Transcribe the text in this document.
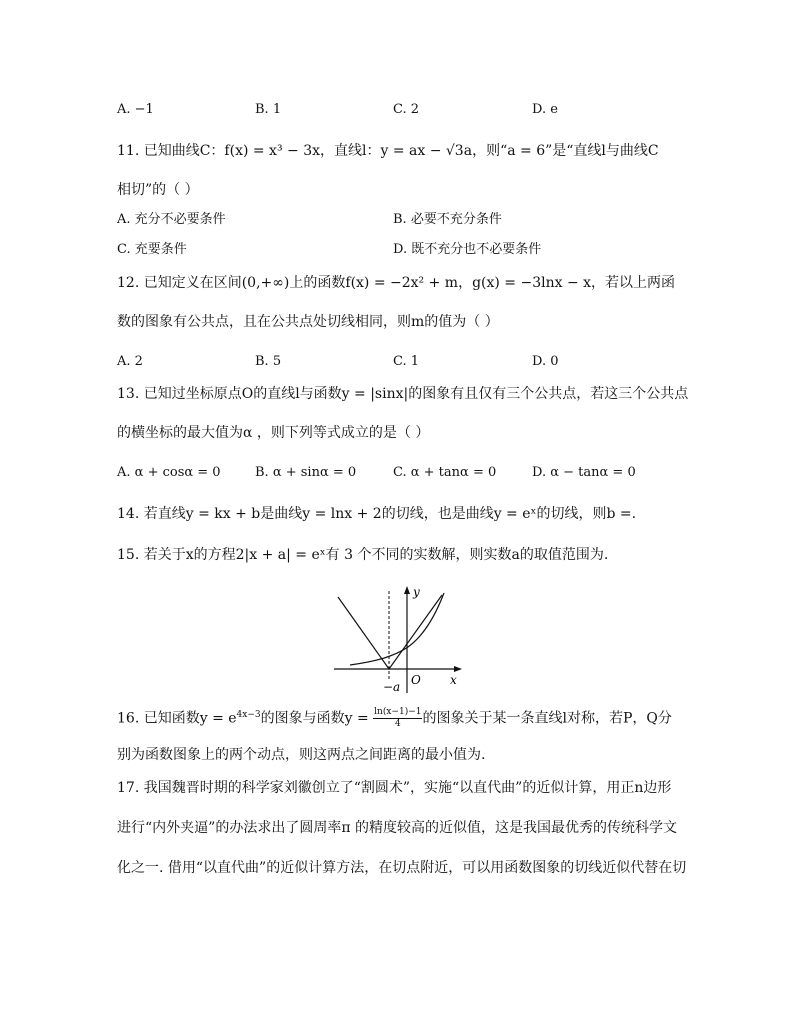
A. −1	B. 1	C. 2	D. e
11. 已知曲线C：f(x) = x³ − 3x，直线l：y = ax − √3a，则“a = 6”是“直线l与曲线C
相切”的（ ）
A. 充分不必要条件	B. 必要不充分条件
C. 充要条件	D. 既不充分也不必要条件
12. 已知定义在区间(0,+∞)上的函数f(x) = −2x² + m，g(x) = −3lnx − x，若以上两函
数的图象有公共点，且在公共点处切线相同，则m的值为（ ）
A. 2	B. 5	C. 1	D. 0
13. 已知过坐标原点O的直线l与函数y = |sinx|的图象有且仅有三个公共点，若这三个公共点
的横坐标的最大值为α ，则下列等式成立的是（ ）
A. α + cosα = 0	B. α + sinα = 0	C. α + tanα = 0	D. α − tanα = 0
14. 若直线y = kx + b是曲线y = lnx + 2的切线，也是曲线y = eˣ的切线，则b =.
15. 若关于x的方程2|x + a| = eˣ有 3 个不同的实数解，则实数a的取值范围为.
y
x
O
−a
16. 已知函数$y = e^{4x-3}$的图象与函数$y = \frac{\ln(x-1)-1}{4}$ 的图象关于某一条直线l对称，若P，Q分
别为函数图象上的两个动点，则这两点之间距离的最小值为.
17. 我国魏晋时期的科学家刘徽创立了“割圆术”，实施“以直代曲”的近似计算，用正n边形
进行“内外夹逼”的办法求出了圆周率π 的精度较高的近似值，这是我国最优秀的传统科学文
化之一. 借用“以直代曲”的近似计算方法，在切点附近，可以用函数图象的切线近似代替在切
